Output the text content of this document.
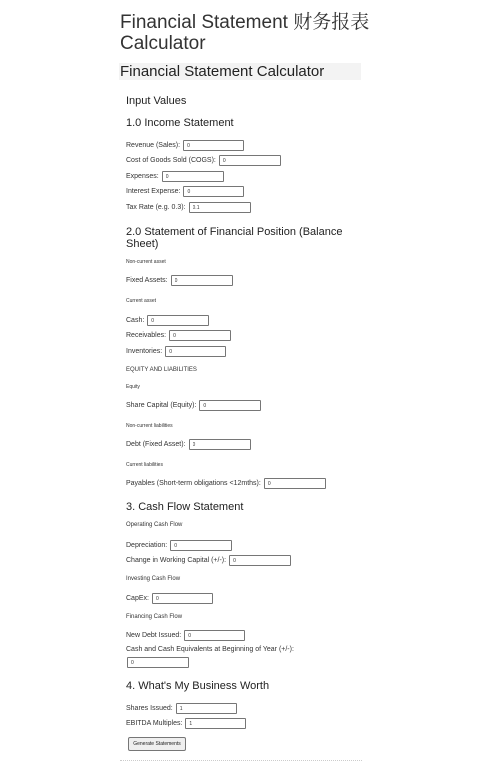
Financial Statement 财务报表 Calculator
Financial Statement Calculator
Input Values
1.0 Income Statement
Revenue (Sales):
0
Cost of Goods Sold (COGS):
0
Expenses:
0
Interest Expense:
0
Tax Rate (e.g. 0.3):
0.1
2.0 Statement of Financial Position (Balance Sheet)
Non-current asset
Fixed Assets:
0
Current asset
Cash:
0
Receivables:
0
Inventories:
0
EQUITY AND LIABILITIES
Equity
Share Capital (Equity):
0
Non-current liabilities
Debt (Fixed Asset):
0
Current liabilities
Payables (Short-term obligations <12mths):
0
3. Cash Flow Statement
Operating Cash Flow
Depreciation:
0
Change in Working Capital (+/-):
0
Investing Cash Flow
CapEx:
0
Financing Cash Flow
New Debt Issued:
0
Cash and Cash Equivalents at Beginning of Year (+/-):
0
4. What's My Business Worth
Shares Issued:
1
EBITDA Multiples:
1
Generate Statements
